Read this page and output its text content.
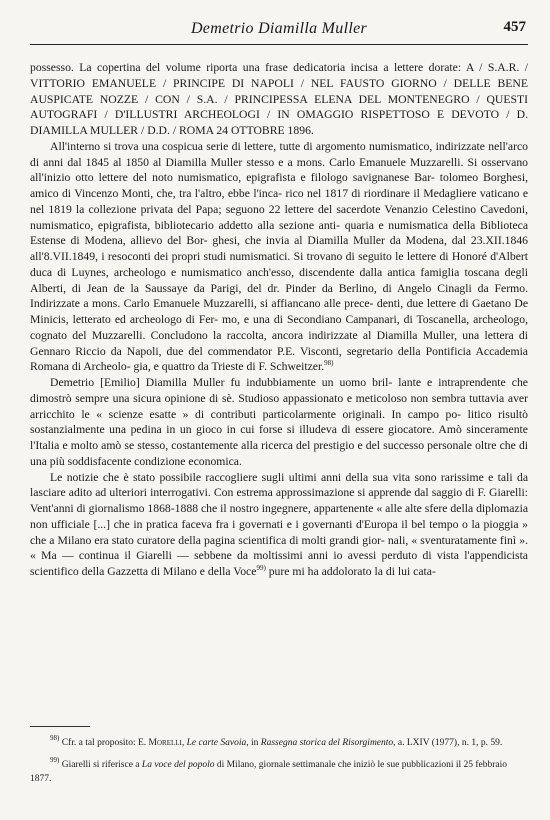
Demetrio Diamilla Muller	457

possesso. La copertina del volume riporta una frase dedicatoria incisa a lettere dorate: A / S.A.R. / VITTORIO EMANUELE / PRINCIPE DI NAPOLI / NEL FAUSTO GIORNO / DELLE BENE AUSPICATE NOZZE / CON / S.A. / PRINCIPESSA ELENA DEL MONTENEGRO / QUESTI AUTOGRAFI / D'ILLUSTRI ARCHEOLOGI / IN OMAGGIO RISPETTOSO E DEVOTO / D. DIAMILLA MULLER / D.D. / ROMA 24 OTTOBRE 1896.

All'interno si trova una cospicua serie di lettere, tutte di argomento numismatico, indirizzate nell'arco di anni dal 1845 al 1850 al Diamilla Muller stesso e a mons. Carlo Emanuele Muzzarelli. Si osservano all'inizio otto lettere del noto numismatico, epigrafista e filologo savignanese Bar- tolomeo Borghesi, amico di Vincenzo Monti, che, tra l'altro, ebbe l'inca- rico nel 1817 di riordinare il Medagliere vaticano e nel 1819 la collezione privata del Papa; seguono 22 lettere del sacerdote Venanzio Celestino Cavedoni, numismatico, epigrafista, bibliotecario addetto alla sezione anti- quaria e numismatica della Biblioteca Estense di Modena, allievo del Bor- ghesi, che invia al Diamilla Muller da Modena, dal 23.XII.1846 all'8.VII.1849, i resoconti dei propri studi numismatici. Si trovano di seguito le lettere di Honoré d'Albert duca di Luynes, archeologo e numismatico anch'esso, discendente dalla antica famiglia toscana degli Alberti, di Jean de la Saussaye da Parigi, del dr. Pinder da Berlino, di Angelo Cinagli da Fermo. Indirizzate a mons. Carlo Emanuele Muzzarelli, si affiancano alle prece- denti, due lettere di Gaetano De Minicis, letterato ed archeologo di Fer- mo, e una di Secondiano Campanari, di Toscanella, archeologo, cognato del Muzzarelli. Concludono la raccolta, ancora indirizzate al Diamilla Muller, una lettera di Gennaro Riccio da Napoli, due del commendator P.E. Visconti, segretario della Pontificia Accademia Romana di Archeolo- gia, e quattro da Trieste di F. Schweitzer.$^{98)}$

Demetrio [Emilio] Diamilla Muller fu indubbiamente un uomo bril- lante e intraprendente che dimostrò sempre una sicura opinione di sè. Studioso appassionato e meticoloso non sembra tuttavia aver arricchito le « scienze esatte » di contributi particolarmente originali. In campo po- litico risultò sostanzialmente una pedina in un gioco in cui forse si illudeva di essere giocatore. Amò sinceramente l'Italia e molto amò se stesso, costantemente alla ricerca del prestigio e del successo personale oltre che di una più soddisfacente condizione economica.

Le notizie che è stato possibile raccogliere sugli ultimi anni della sua vita sono rarissime e tali da lasciare adito ad ulteriori interrogativi. Con estrema approssimazione si apprende dal saggio di F. Giarelli: Vent'anni di giornalismo 1868-1888 che il nostro ingegnere, appartenente « alle alte sfere della diplomazia non ufficiale [...] che in pratica faceva fra i governati e i governanti d'Europa il bel tempo o la pioggia » che a Milano era stato curatore della pagina scientifica di molti grandi gior- nali, « sventuratamente finì ». « Ma — continua il Giarelli — sebbene da moltissimi anni io avessi perduto di vista l'appendicista scientifico della Gazzetta di Milano e della Voce$^{99)}$ pure mi ha addolorato la di lui cata-

$^{98)}$ Cfr. a tal proposito: E. Morelli, Le carte Savoia, in Rassegna storica del Risorgimento, a. LXIV (1977), n. 1, p. 59.

$^{99)}$ Giarelli si riferisce a La voce del popolo di Milano, giornale settimanale che iniziò le sue pubblicazioni il 25 febbraio 1877.
